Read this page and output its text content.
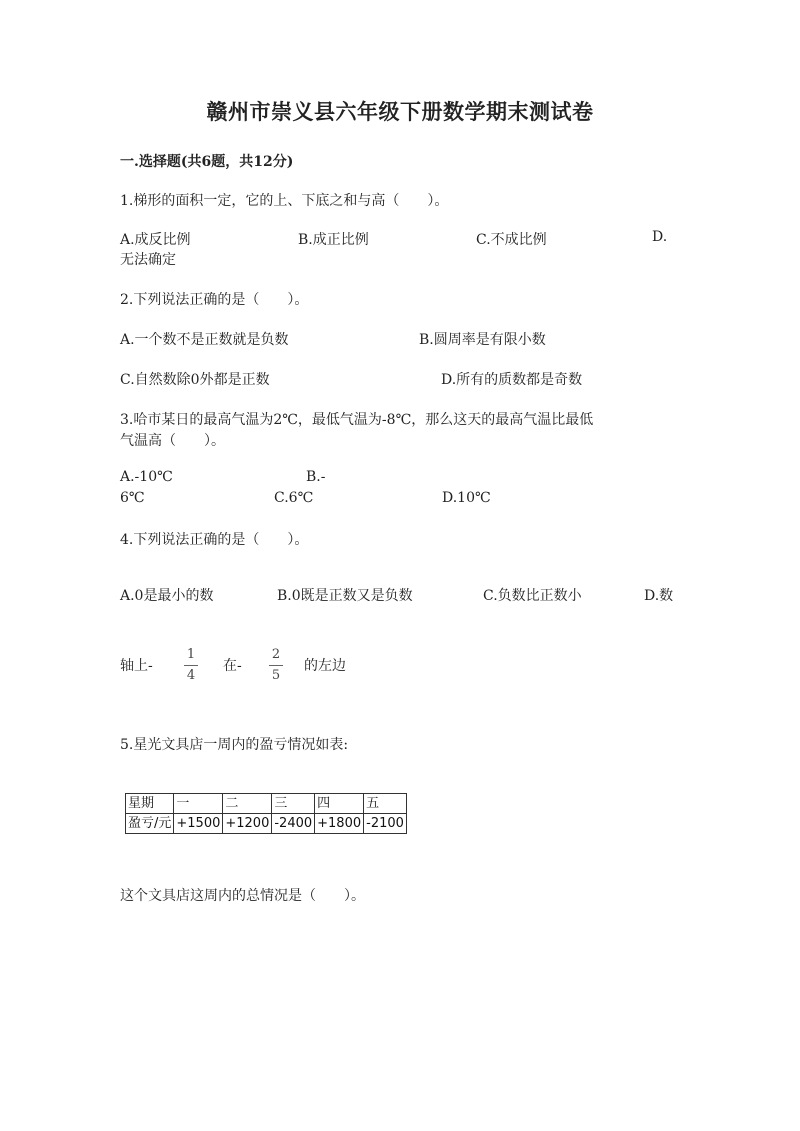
赣州市崇义县六年级下册数学期末测试卷
一.选择题(共6题，共12分)
1.梯形的面积一定，它的上、下底之和与高（　　）。
A.成反比例	B.成正比例	C.不成比例	D.
无法确定
2.下列说法正确的是（　　）。
A.一个数不是正数就是负数	B.圆周率是有限小数
C.自然数除0外都是正数	D.所有的质数都是奇数
3.哈市某日的最高气温为2℃，最低气温为-8℃，那么这天的最高气温比最低
气温高（　　）。
A.-10℃	B.-
6℃	C.6℃	D.10℃
4.下列说法正确的是（　　）。
A.0是最小的数	B.0既是正数又是负数	C.负数比正数小	D.数
轴上-
1
4
在-
2
5
的左边
5.星光文具店一周内的盈亏情况如表:
星期	一	二	三	四	五
盈亏/元	+1500	+1200	-2400	+1800	-2100
这个文具店这周内的总情况是（　　）。
